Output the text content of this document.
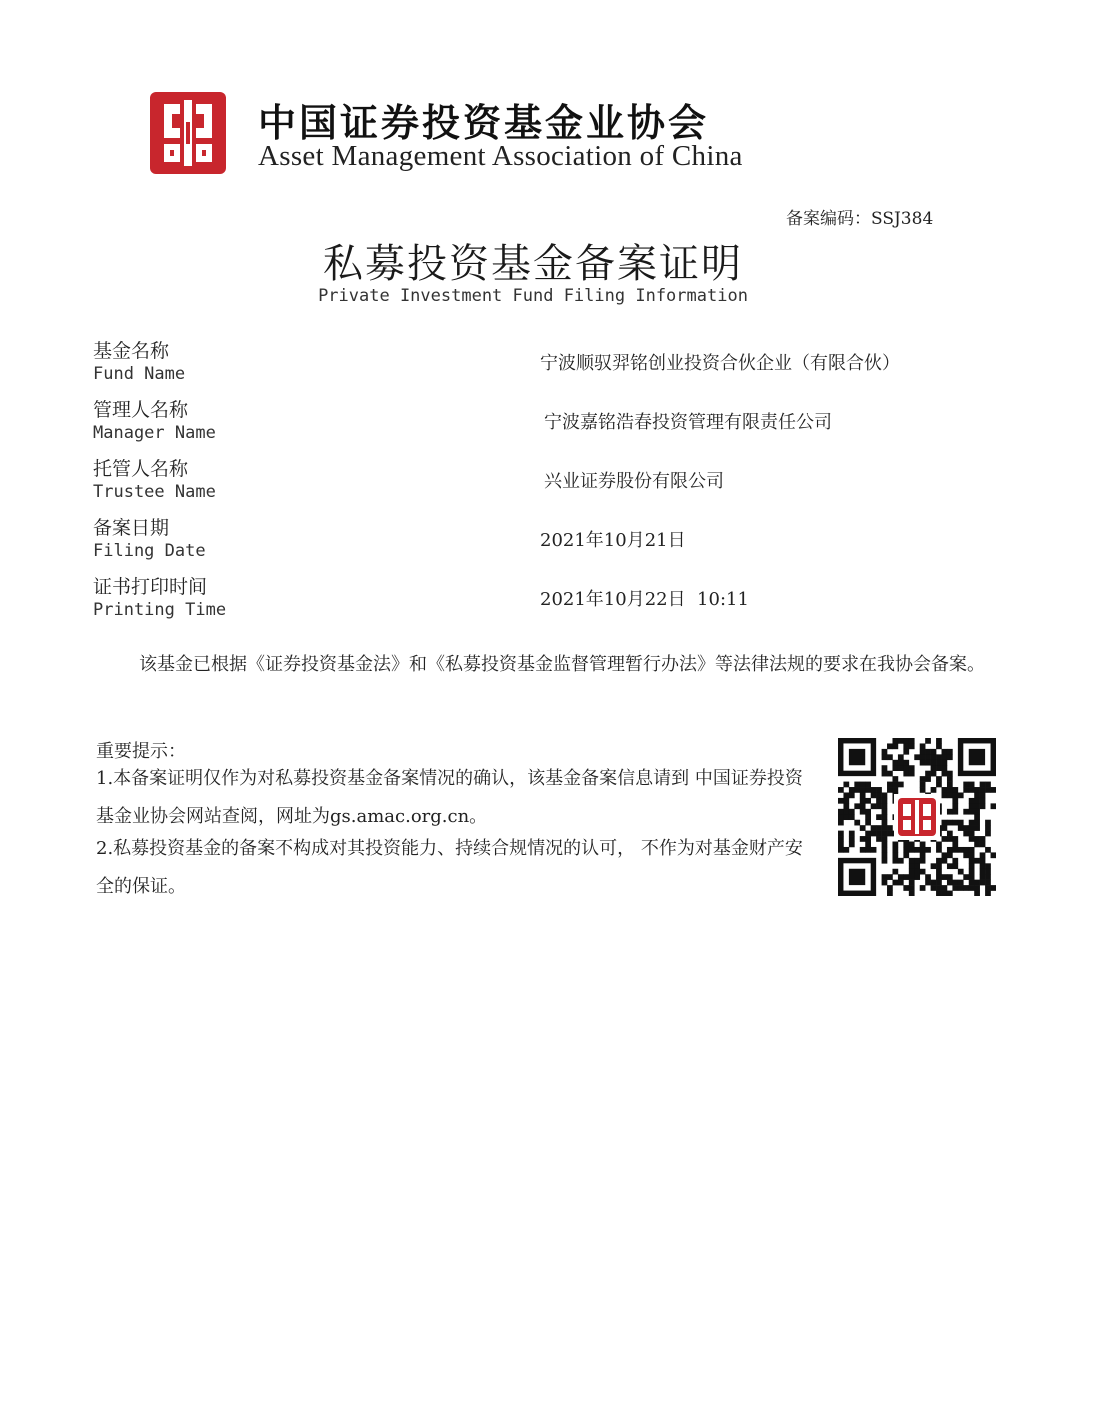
中国证券投资基金业协会
Asset Management Association of China
备案编码：SSJ384
私募投资基金备案证明
Private Investment Fund Filing Information
基金名称
Fund Name	宁波顺驭羿铭创业投资合伙企业（有限合伙）
管理人名称
Manager Name	宁波嘉铭浩春投资管理有限责任公司
托管人名称
Trustee Name	兴业证券股份有限公司
备案日期
Filing Date	2021年10月21日
证书打印时间
Printing Time	2021年10月22日  10:11
该基金已根据《证券投资基金法》和《私募投资基金监督管理暂行办法》等法律法规的要求在我协会备案。
重要提示：
1.本备案证明仅作为对私募投资基金备案情况的确认，该基金备案信息请到 中国证券投资基金业协会网站查阅，网址为gs.amac.org.cn。
2.私募投资基金的备案不构成对其投资能力、持续合规情况的认可， 不作为对基金财产安全的保证。
